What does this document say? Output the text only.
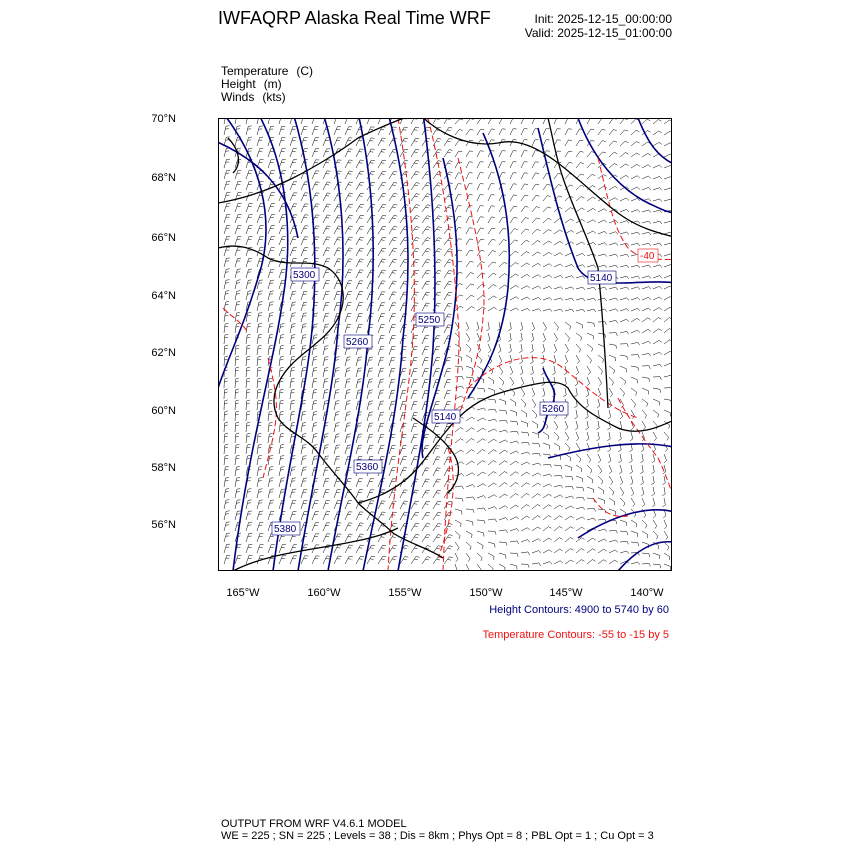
IWFAQRP Alaska Real Time WRF	Init: 2025-12-15_00:00:00
Valid: 2025-12-15_01:00:00
Temperature (C)
Height (m)
Winds (kts)
70°N
68°N
66°N
64°N
62°N
60°N
58°N
56°N
165°W	160°W	155°W	150°W	145°W	140°W
5300
5250
5260
5140
5140
5260
5360
5380
-40
Height Contours: 4900 to 5740 by 60
Temperature Contours: -55 to -15 by 5
OUTPUT FROM WRF V4.6.1 MODEL
WE = 225 ; SN = 225 ; Levels = 38 ; Dis = 8km ; Phys Opt = 8 ; PBL Opt = 1 ; Cu Opt = 3
